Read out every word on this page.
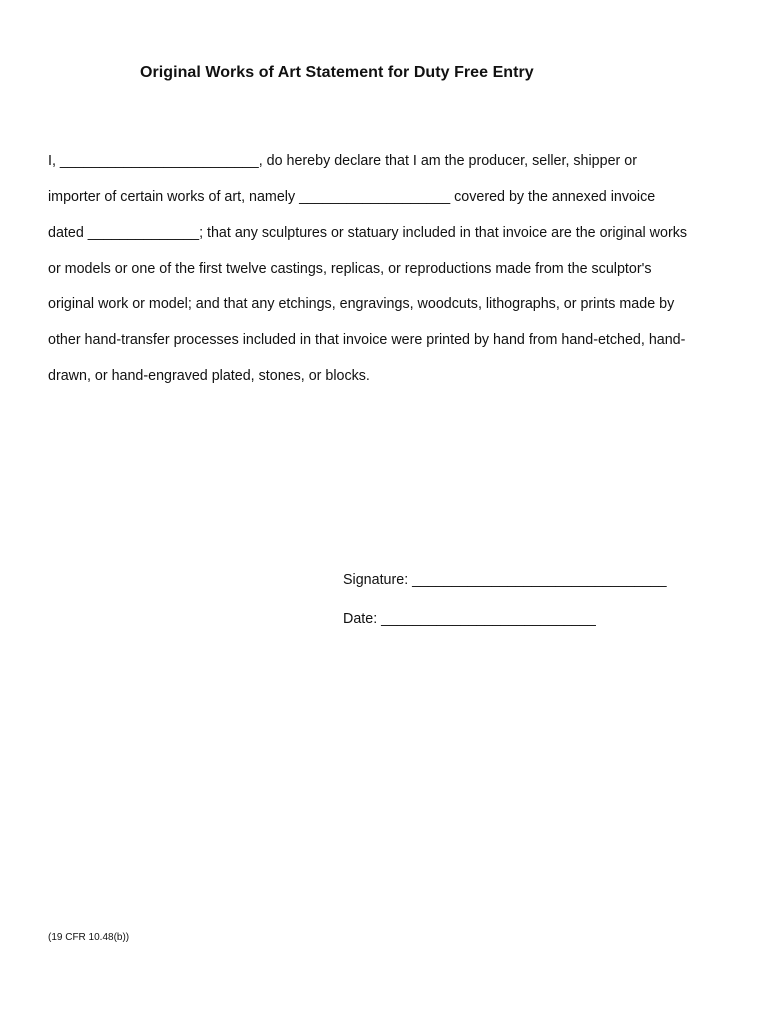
Original Works of Art Statement for Duty Free Entry
I, _________________________, do hereby declare that I am the producer, seller, shipper or
importer of certain works of art, namely ___________________ covered by the annexed invoice
dated ______________; that any sculptures or statuary included in that invoice are the original works
or models or one of the first twelve castings, replicas, or reproductions made from the sculptor's
original work or model; and that any etchings, engravings, woodcuts, lithographs, or prints made by
other hand-transfer processes included in that invoice were printed by hand from hand-etched, hand-
drawn, or hand-engraved plated, stones, or blocks.
Signature: ________________________________
Date: ___________________________
(19 CFR 10.48(b))
